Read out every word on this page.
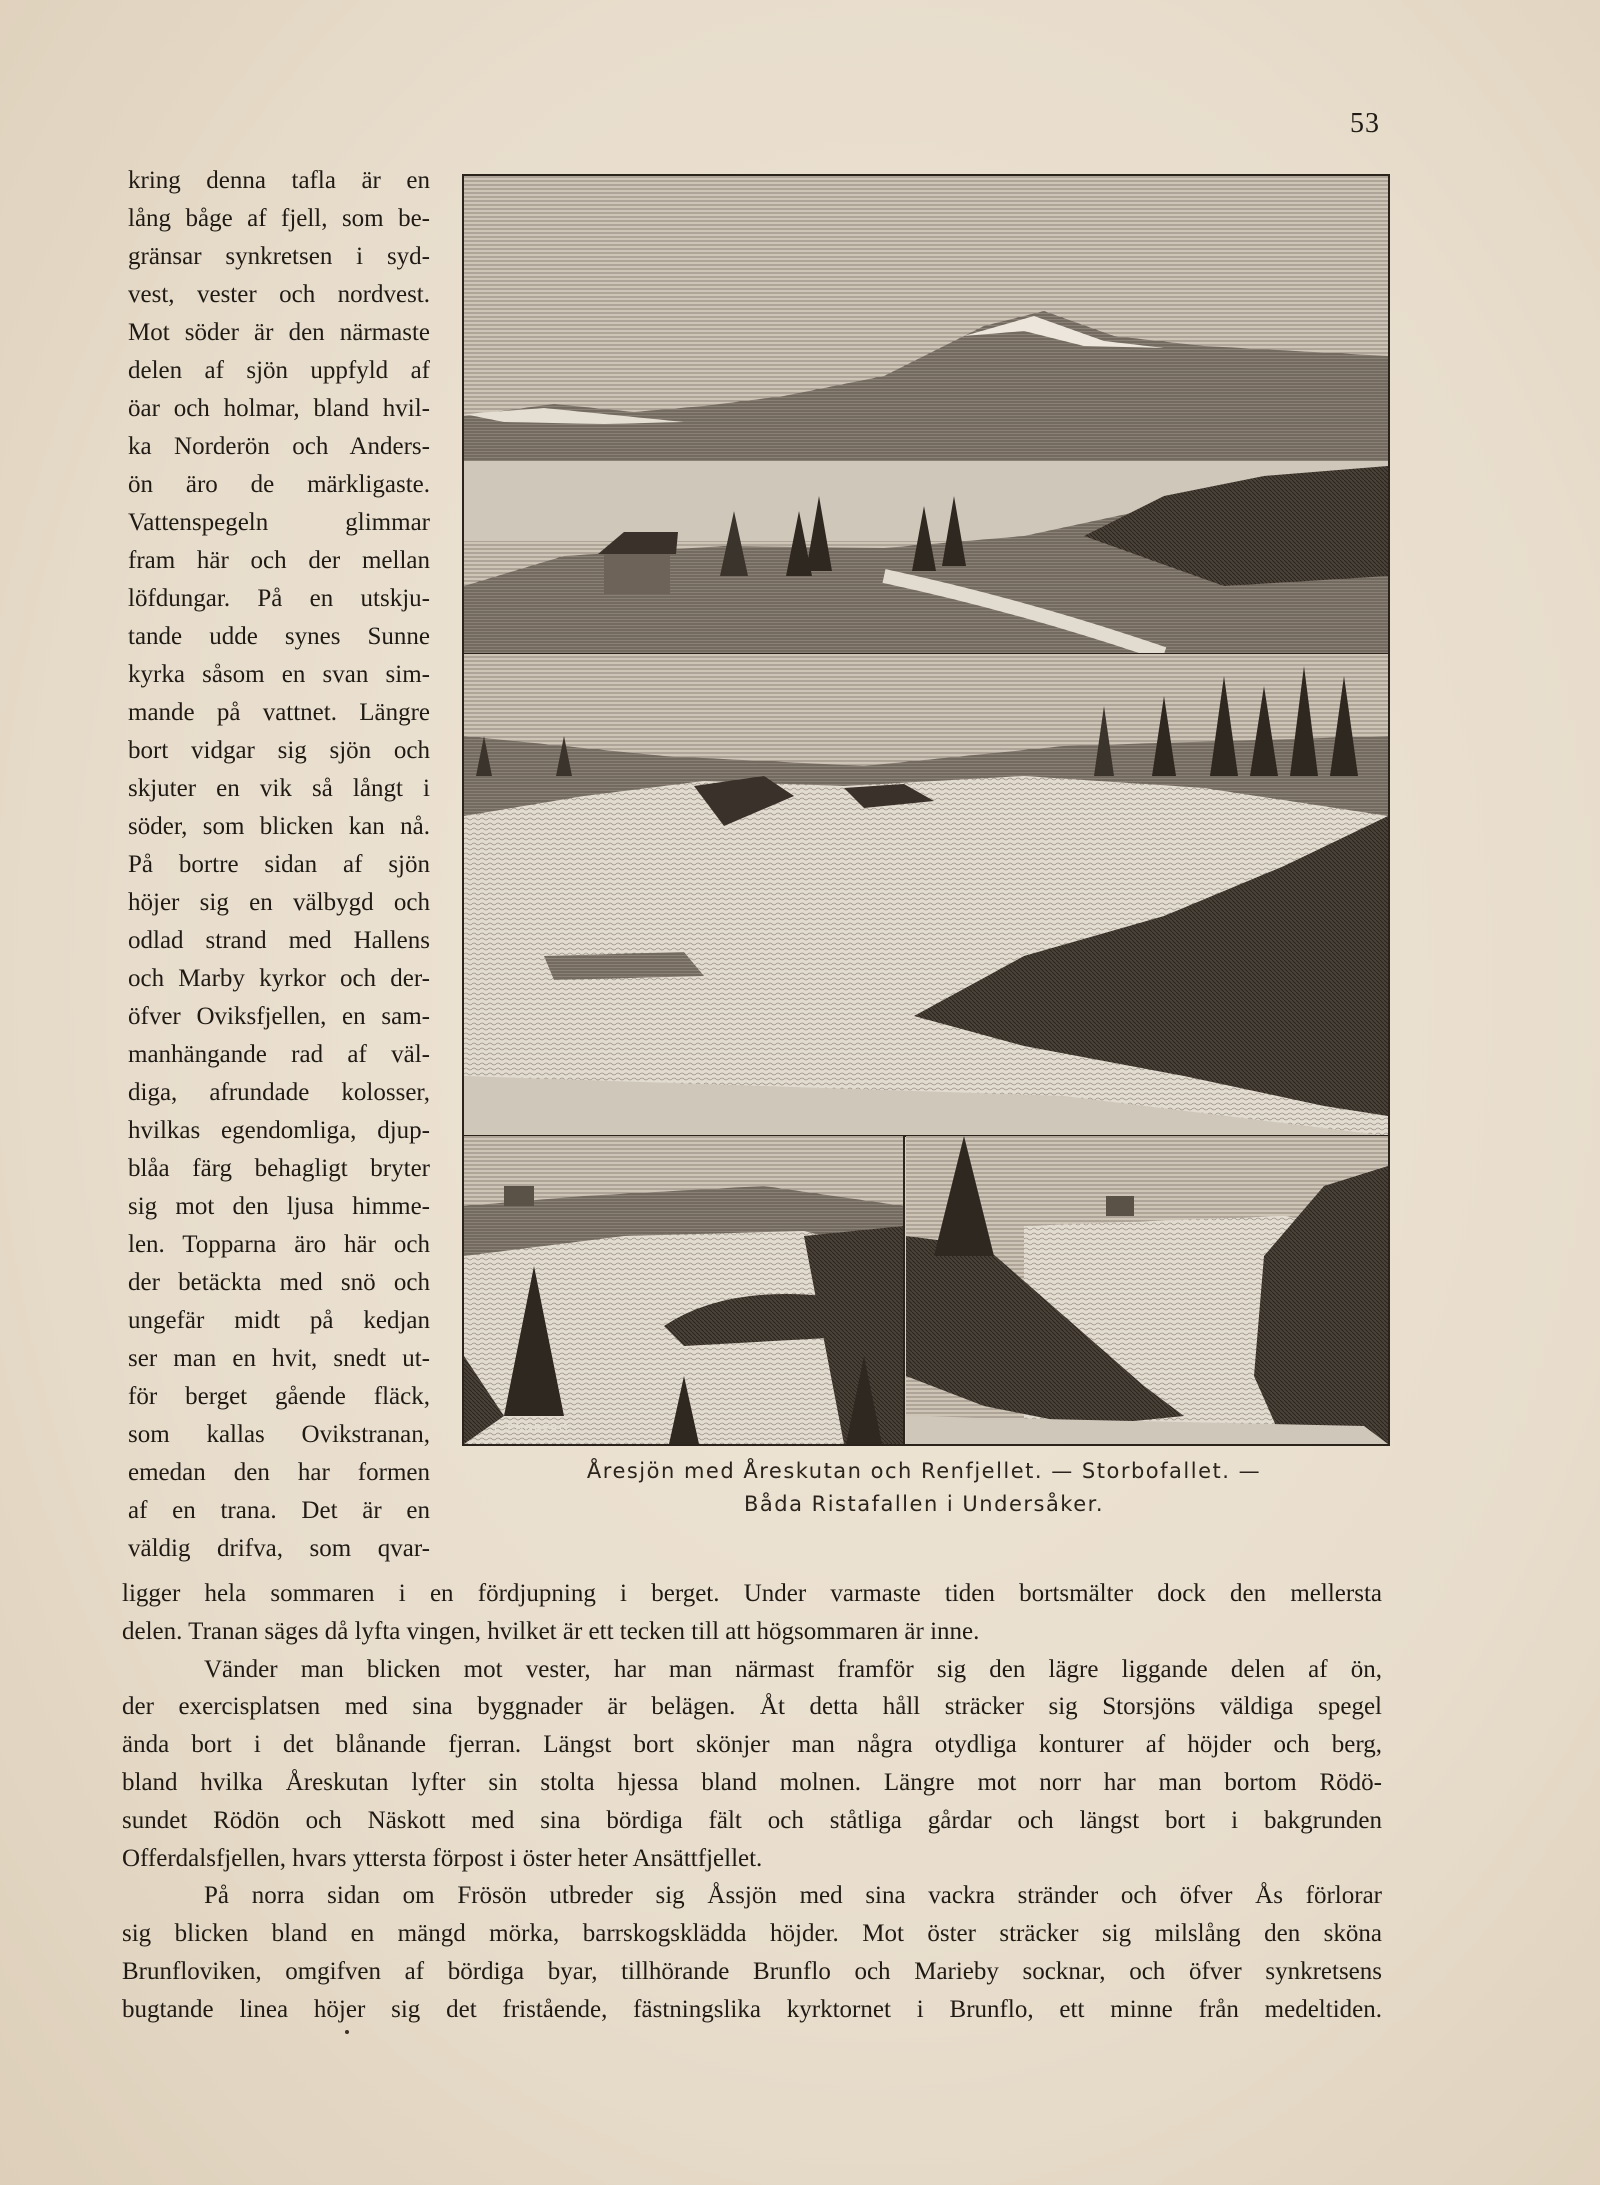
53

kring denna tafla är en
lång båge af fjell, som be-
gränsar synkretsen i syd-
vest, vester och nordvest.
Mot söder är den närmaste
delen af sjön uppfyld af
öar och holmar, bland hvil-
ka Norderön och Anders-
ön äro de märkligaste.
Vattenspegeln glimmar
fram här och der mellan
löfdungar. På en utskju-
tande udde synes Sunne
kyrka såsom en svan sim-
mande på vattnet. Längre
bort vidgar sig sjön och
skjuter en vik så långt i
söder, som blicken kan nå.
På bortre sidan af sjön
höjer sig en välbygd och
odlad strand med Hallens
och Marby kyrkor och der-
öfver Oviksfjellen, en sam-
manhängande rad af väl-
diga, afrundade kolosser,
hvilkas egendomliga, djup-
blåa färg behagligt bryter
sig mot den ljusa himme-
len. Topparna äro här och
der betäckta med snö och
ungefär midt på kedjan
ser man en hvit, snedt ut-
för berget gående fläck,
som kallas Ovikstranan,
emedan den har formen
af en trana. Det är en
väldig drifva, som qvar-

J. ENGBERG
Åresjön med Åreskutan och Renfjellet. — Storbofallet. —
Båda Ristafallen i Undersåker.
ligger hela sommaren i en fördjupning i berget. Under varmaste tiden bortsmälter dock den mellersta
delen. Tranan säges då lyfta vingen, hvilket är ett tecken till att högsommaren är inne.
Vänder man blicken mot vester, har man närmast framför sig den lägre liggande delen af ön,
der exercisplatsen med sina byggnader är belägen. Åt detta håll sträcker sig Storsjöns väldiga spegel
ända bort i det blånande fjerran. Längst bort skönjer man några otydliga konturer af höjder och berg,
bland hvilka Åreskutan lyfter sin stolta hjessa bland molnen. Längre mot norr har man bortom Rödö-
sundet Rödön och Näskott med sina bördiga fält och ståtliga gårdar och längst bort i bakgrunden
Offerdalsfjellen, hvars yttersta förpost i öster heter Ansättfjellet.
På norra sidan om Frösön utbreder sig Åssjön med sina vackra stränder och öfver Ås förlorar
sig blicken bland en mängd mörka, barrskogsklädda höjder. Mot öster sträcker sig milslång den sköna
Brunfloviken, omgifven af bördiga byar, tillhörande Brunflo och Marieby socknar, och öfver synkretsens
bugtande linea höjer sig det fristående, fästningslika kyrktornet i Brunflo, ett minne från medeltiden.
